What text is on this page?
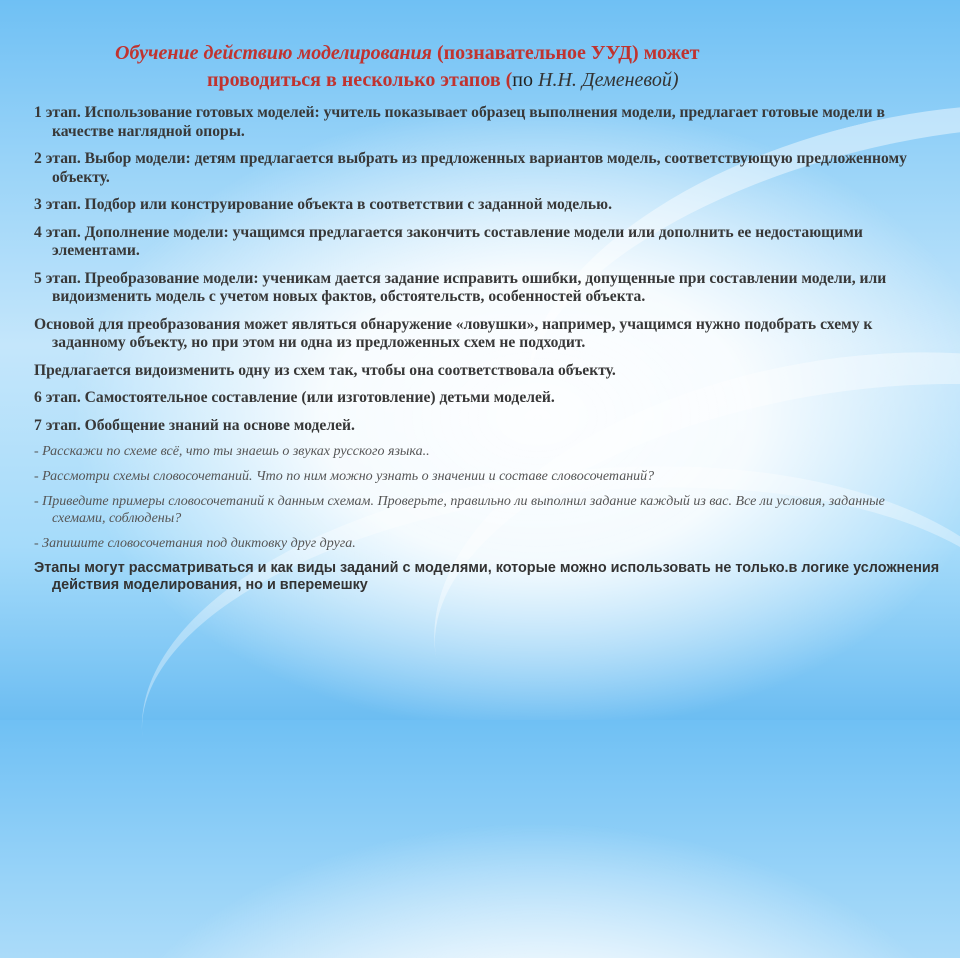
Обучение действию моделирования (познавательное УУД) может
проводиться в несколько этапов (по Н.Н. Деменевой)
1 этап. Использование готовых моделей: учитель показывает образец выполнения модели, предлагает готовые модели в качестве наглядной опоры.
2 этап. Выбор модели: детям предлагается выбрать из предложенных вариантов модель, соответствующую предложенному объекту.
3 этап. Подбор или конструирование объекта в соответствии с заданной моделью.
4 этап. Дополнение модели: учащимся предлагается закончить составление модели или дополнить ее недостающими элементами.
5 этап. Преобразование модели: ученикам дается задание исправить ошибки, допущенные при составлении модели, или видоизменить модель с учетом новых фактов, обстоятельств, особенностей объекта.
Основой для преобразования может являться обнаружение «ловушки», например, учащимся нужно подобрать схему к заданному объекту, но при этом ни одна из предложенных схем не подходит.
Предлагается видоизменить одну из схем так, чтобы она соответствовала объекту.
6 этап. Самостоятельное составление (или изготовление) детьми моделей.
7 этап. Обобщение знаний на основе моделей.
- Расскажи по схеме всё, что ты знаешь о звуках русского языка..
- Рассмотри схемы словосочетаний. Что по ним можно узнать о значении и составе словосочетаний?
- Приведите примеры словосочетаний к данным схемам. Проверьте, правильно ли выполнил задание каждый из вас. Все ли условия, заданные схемами, соблюдены?
- Запишите словосочетания под диктовку друг друга.
Этапы могут рассматриваться и как виды заданий с моделями, которые можно использовать не только.в логике усложнения действия моделирования, но и вперемешку
